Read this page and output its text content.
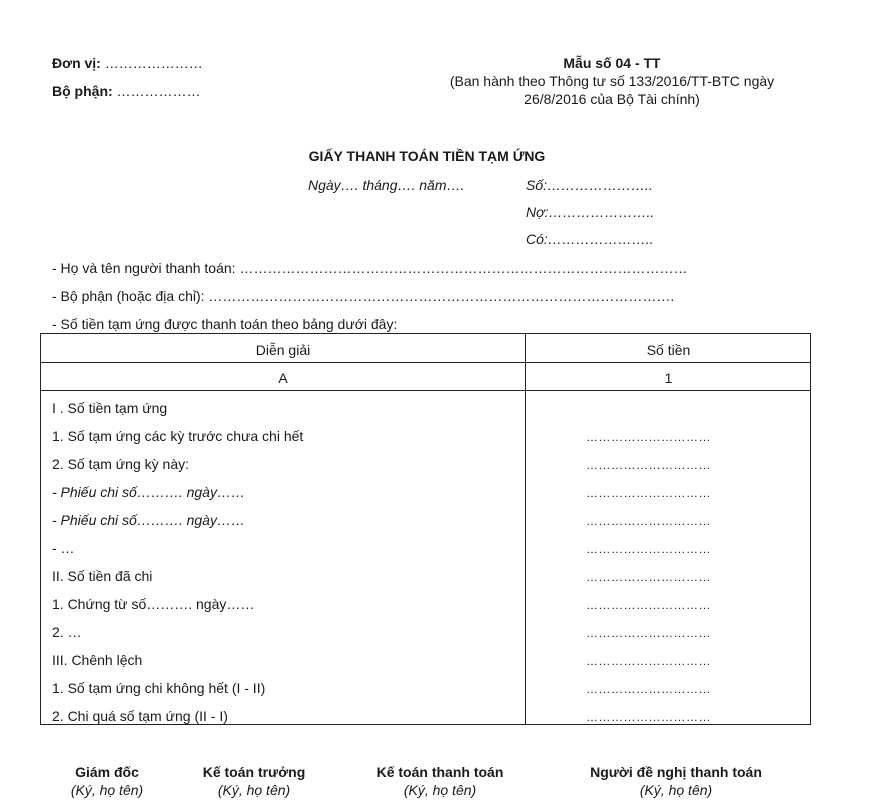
Đơn vị: …………………
Bộ phận: ………………
Mẫu số 04 - TT
(Ban hành theo Thông tư số 133/2016/TT-BTC ngày
26/8/2016 của Bộ Tài chính)
GIẤY THANH TOÁN TIỀN TẠM ỨNG
Ngày…. tháng…. năm….	Số:…………………..
Nợ:…………………..
Có:…………………..
- Họ và tên người thanh toán: ……………………………………………………………………………………
- Bộ phận (hoặc địa chỉ): ……………………………………………………………………………………….
- Số tiền tạm ứng được thanh toán theo bảng dưới đây:
Diễn giải	Số tiền
A	1
I . Số tiền tạm ứng
1. Số tạm ứng các kỳ trước chưa chi hết	…………………………
2. Số tạm ứng kỳ này:	…………………………
- Phiếu chi số………. ngày……	…………………………
- Phiếu chi số………. ngày……	…………………………
- …	…………………………
II. Số tiền đã chi	…………………………
1. Chứng từ số………. ngày……	…………………………
2. …	…………………………
III. Chênh lệch	…………………………
1. Số tạm ứng chi không hết (I - II)	…………………………
2. Chi quá số tạm ứng (II - I)	…………………………
Giám đốc
(Ký, họ tên)
Kế toán trưởng
(Ký, họ tên)
Kế toán thanh toán
(Ký, họ tên)
Người đề nghị thanh toán
(Ký, họ tên)
